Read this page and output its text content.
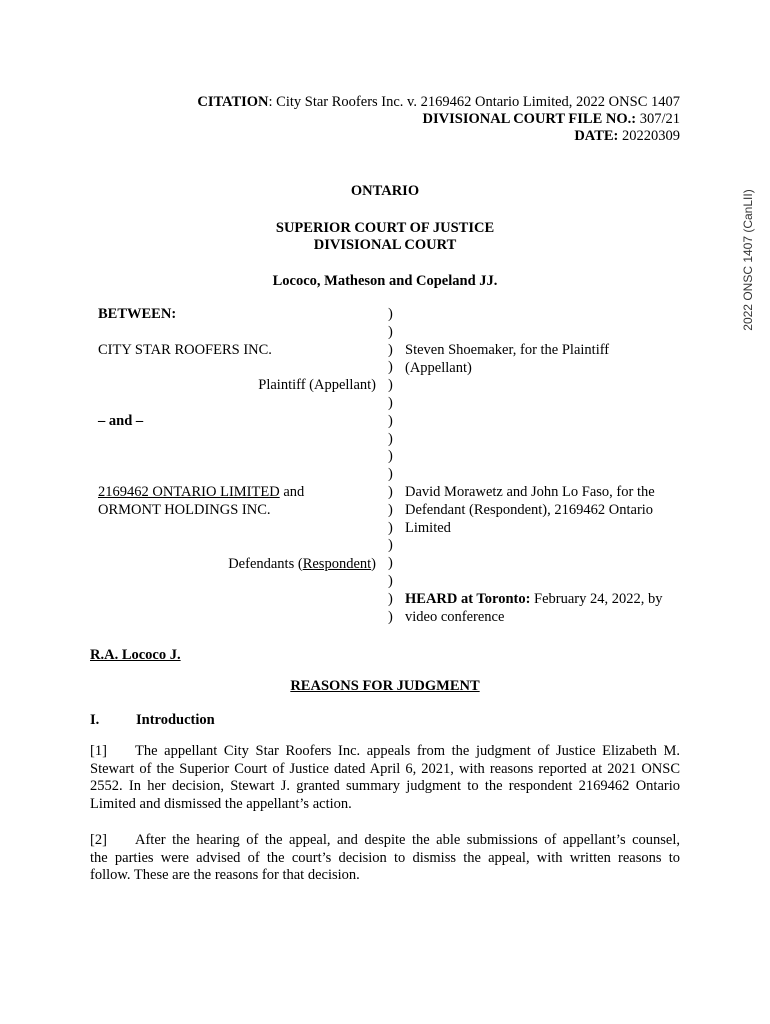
2022 ONSC 1407 (CanLII)
CITATION: City Star Roofers Inc. v. 2169462 Ontario Limited, 2022 ONSC 1407
DIVISIONAL COURT FILE NO.: 307/21
DATE: 20220309
ONTARIO
SUPERIOR COURT OF JUSTICE
DIVISIONAL COURT
Lococo, Matheson and Copeland JJ.
BETWEEN:
CITY STAR ROOFERS INC.
Plaintiff (Appellant)
– and –
2169462 ONTARIO LIMITED and
ORMONT HOLDINGS INC.
Defendants (Respondent)
)
)
)
)
)
)
)
)
)
)
)
)
)
)
)
)
)
)
Steven Shoemaker, for the Plaintiff
(Appellant)
David Morawetz and John Lo Faso, for the
Defendant (Respondent), 2169462 Ontario
Limited
HEARD at Toronto: February 24, 2022, by
video conference
R.A. Lococo J.
REASONS FOR JUDGMENT
I.	Introduction
[1] The appellant City Star Roofers Inc. appeals from the judgment of Justice Elizabeth M.
Stewart of the Superior Court of Justice dated April 6, 2021, with reasons reported at 2021 ONSC
2552. In her decision, Stewart J. granted summary judgment to the respondent 2169462 Ontario
Limited and dismissed the appellant’s action.
[2] After the hearing of the appeal, and despite the able submissions of appellant’s counsel,
the parties were advised of the court’s decision to dismiss the appeal, with written reasons to
follow. These are the reasons for that decision.
